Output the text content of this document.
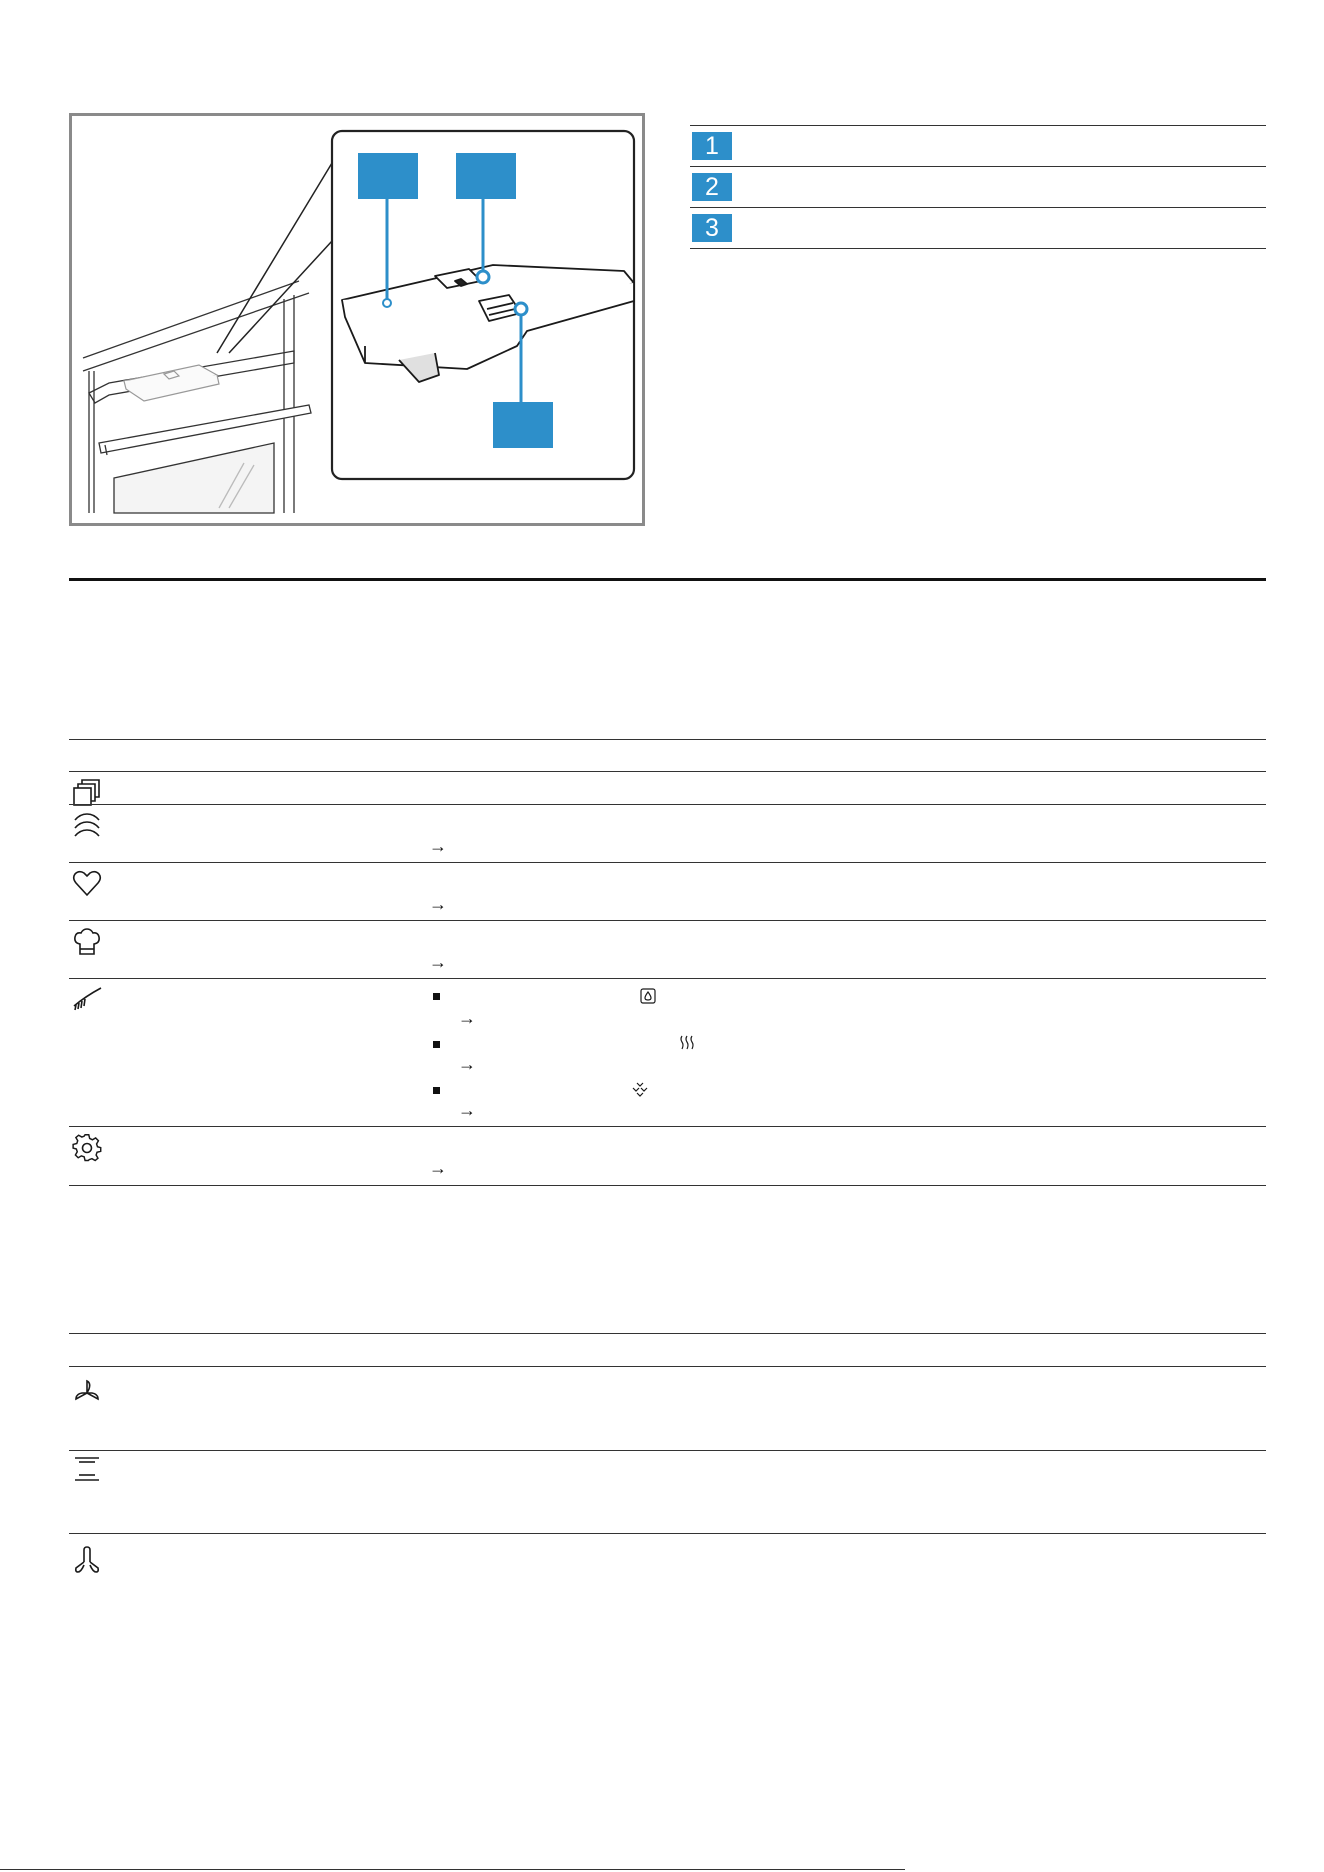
1
2
3
→
→
→
→
→
→
→
